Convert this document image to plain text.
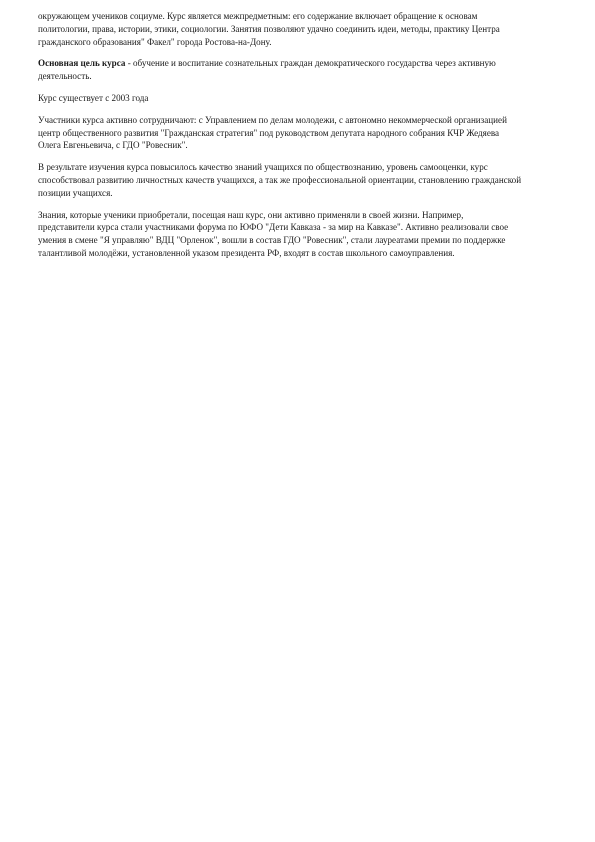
окружающем учеников социуме. Курс является межпредметным: его содержание включает обращение к основам
политологии, права, истории, этики, социологии. Занятия позволяют удачно соединить идеи, методы, практику Центра
гражданского образования" Факел" города Ростова-на-Дону.

Основная цель курса - обучение и воспитание сознательных граждан демократического государства через активную
деятельность.

Курс существует с 2003 года

Участники курса активно сотрудничают: с Управлением по делам молодежи, с автономно некоммерческой организацией
центр общественного развития "Гражданская стратегия" под руководством депутата народного собрания КЧР Жедяева
Олега Евгеньевича, с ГДО "Ровесник".

В результате изучения курса повысилось качество знаний учащихся по обществознанию, уровень самооценки, курс
способствовал развитию личностных качеств учащихся, а так же профессиональной ориентации, становлению гражданской
позиции учащихся.

Знания, которые ученики приобретали, посещая наш курс, они активно применяли в своей жизни. Например,
представители курса стали участниками форума по ЮФО "Дети Кавказа - за мир на Кавказе". Активно реализовали свое
умения в смене "Я управляю" ВДЦ "Орленок", вошли в состав ГДО "Ровесник", стали лауреатами премии по поддержке
талантливой молодёжи, установленной указом президента РФ, входят в состав школьного самоуправления.
